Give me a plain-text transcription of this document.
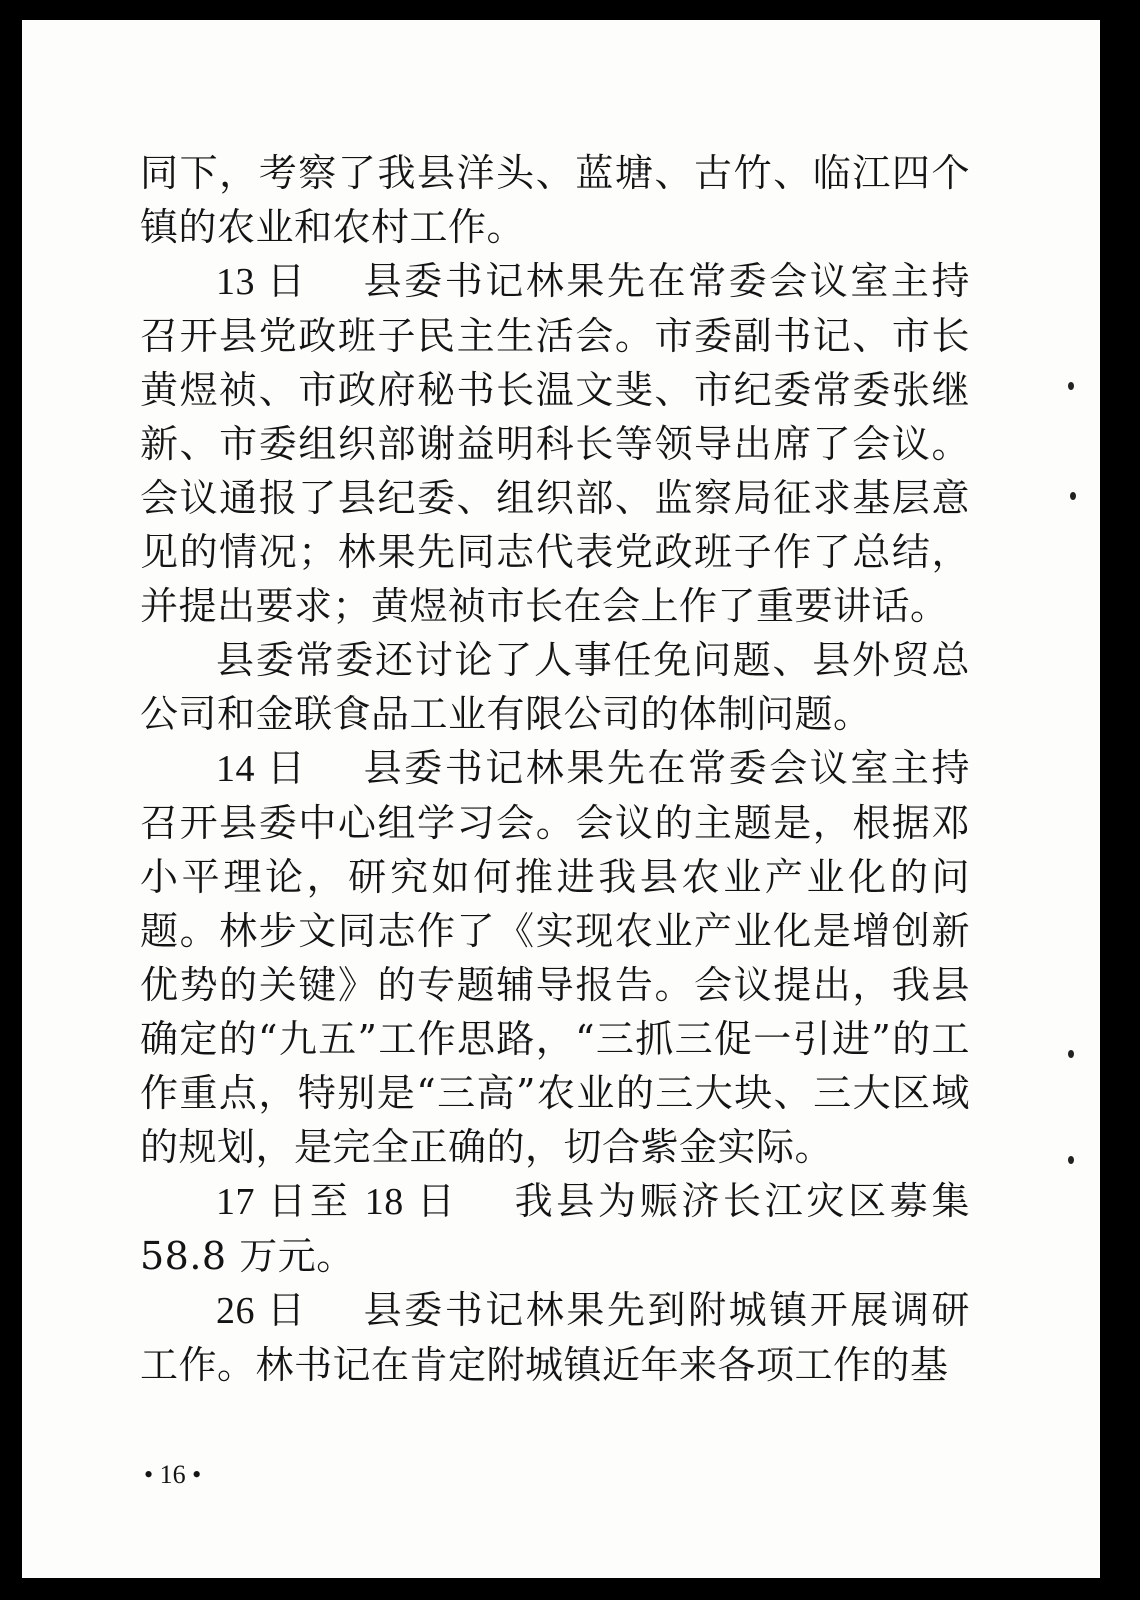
同下，考察了我县洋头、蓝塘、古竹、临江四个镇的农业和农村工作。

13 日 县委书记林果先在常委会议室主持召开县党政班子民主生活会。市委副书记、市长黄煜祯、市政府秘书长温文斐、市纪委常委张继新、市委组织部谢益明科长等领导出席了会议。会议通报了县纪委、组织部、监察局征求基层意见的情况；林果先同志代表党政班子作了总结，并提出要求；黄煜祯市长在会上作了重要讲话。

县委常委还讨论了人事任免问题、县外贸总公司和金联食品工业有限公司的体制问题。

14 日 县委书记林果先在常委会议室主持召开县委中心组学习会。会议的主题是，根据邓小平理论，研究如何推进我县农业产业化的问题。林步文同志作了《实现农业产业化是增创新优势的关键》的专题辅导报告。会议提出，我县确定的“九五”工作思路，“三抓三促一引进”的工作重点，特别是“三高”农业的三大块、三大区域的规划，是完全正确的，切合紫金实际。

17 日至 18 日 我县为赈济长江灾区募集58.8 万元。

26 日 县委书记林果先到附城镇开展调研工作。林书记在肯定附城镇近年来各项工作的基

• 16 •
